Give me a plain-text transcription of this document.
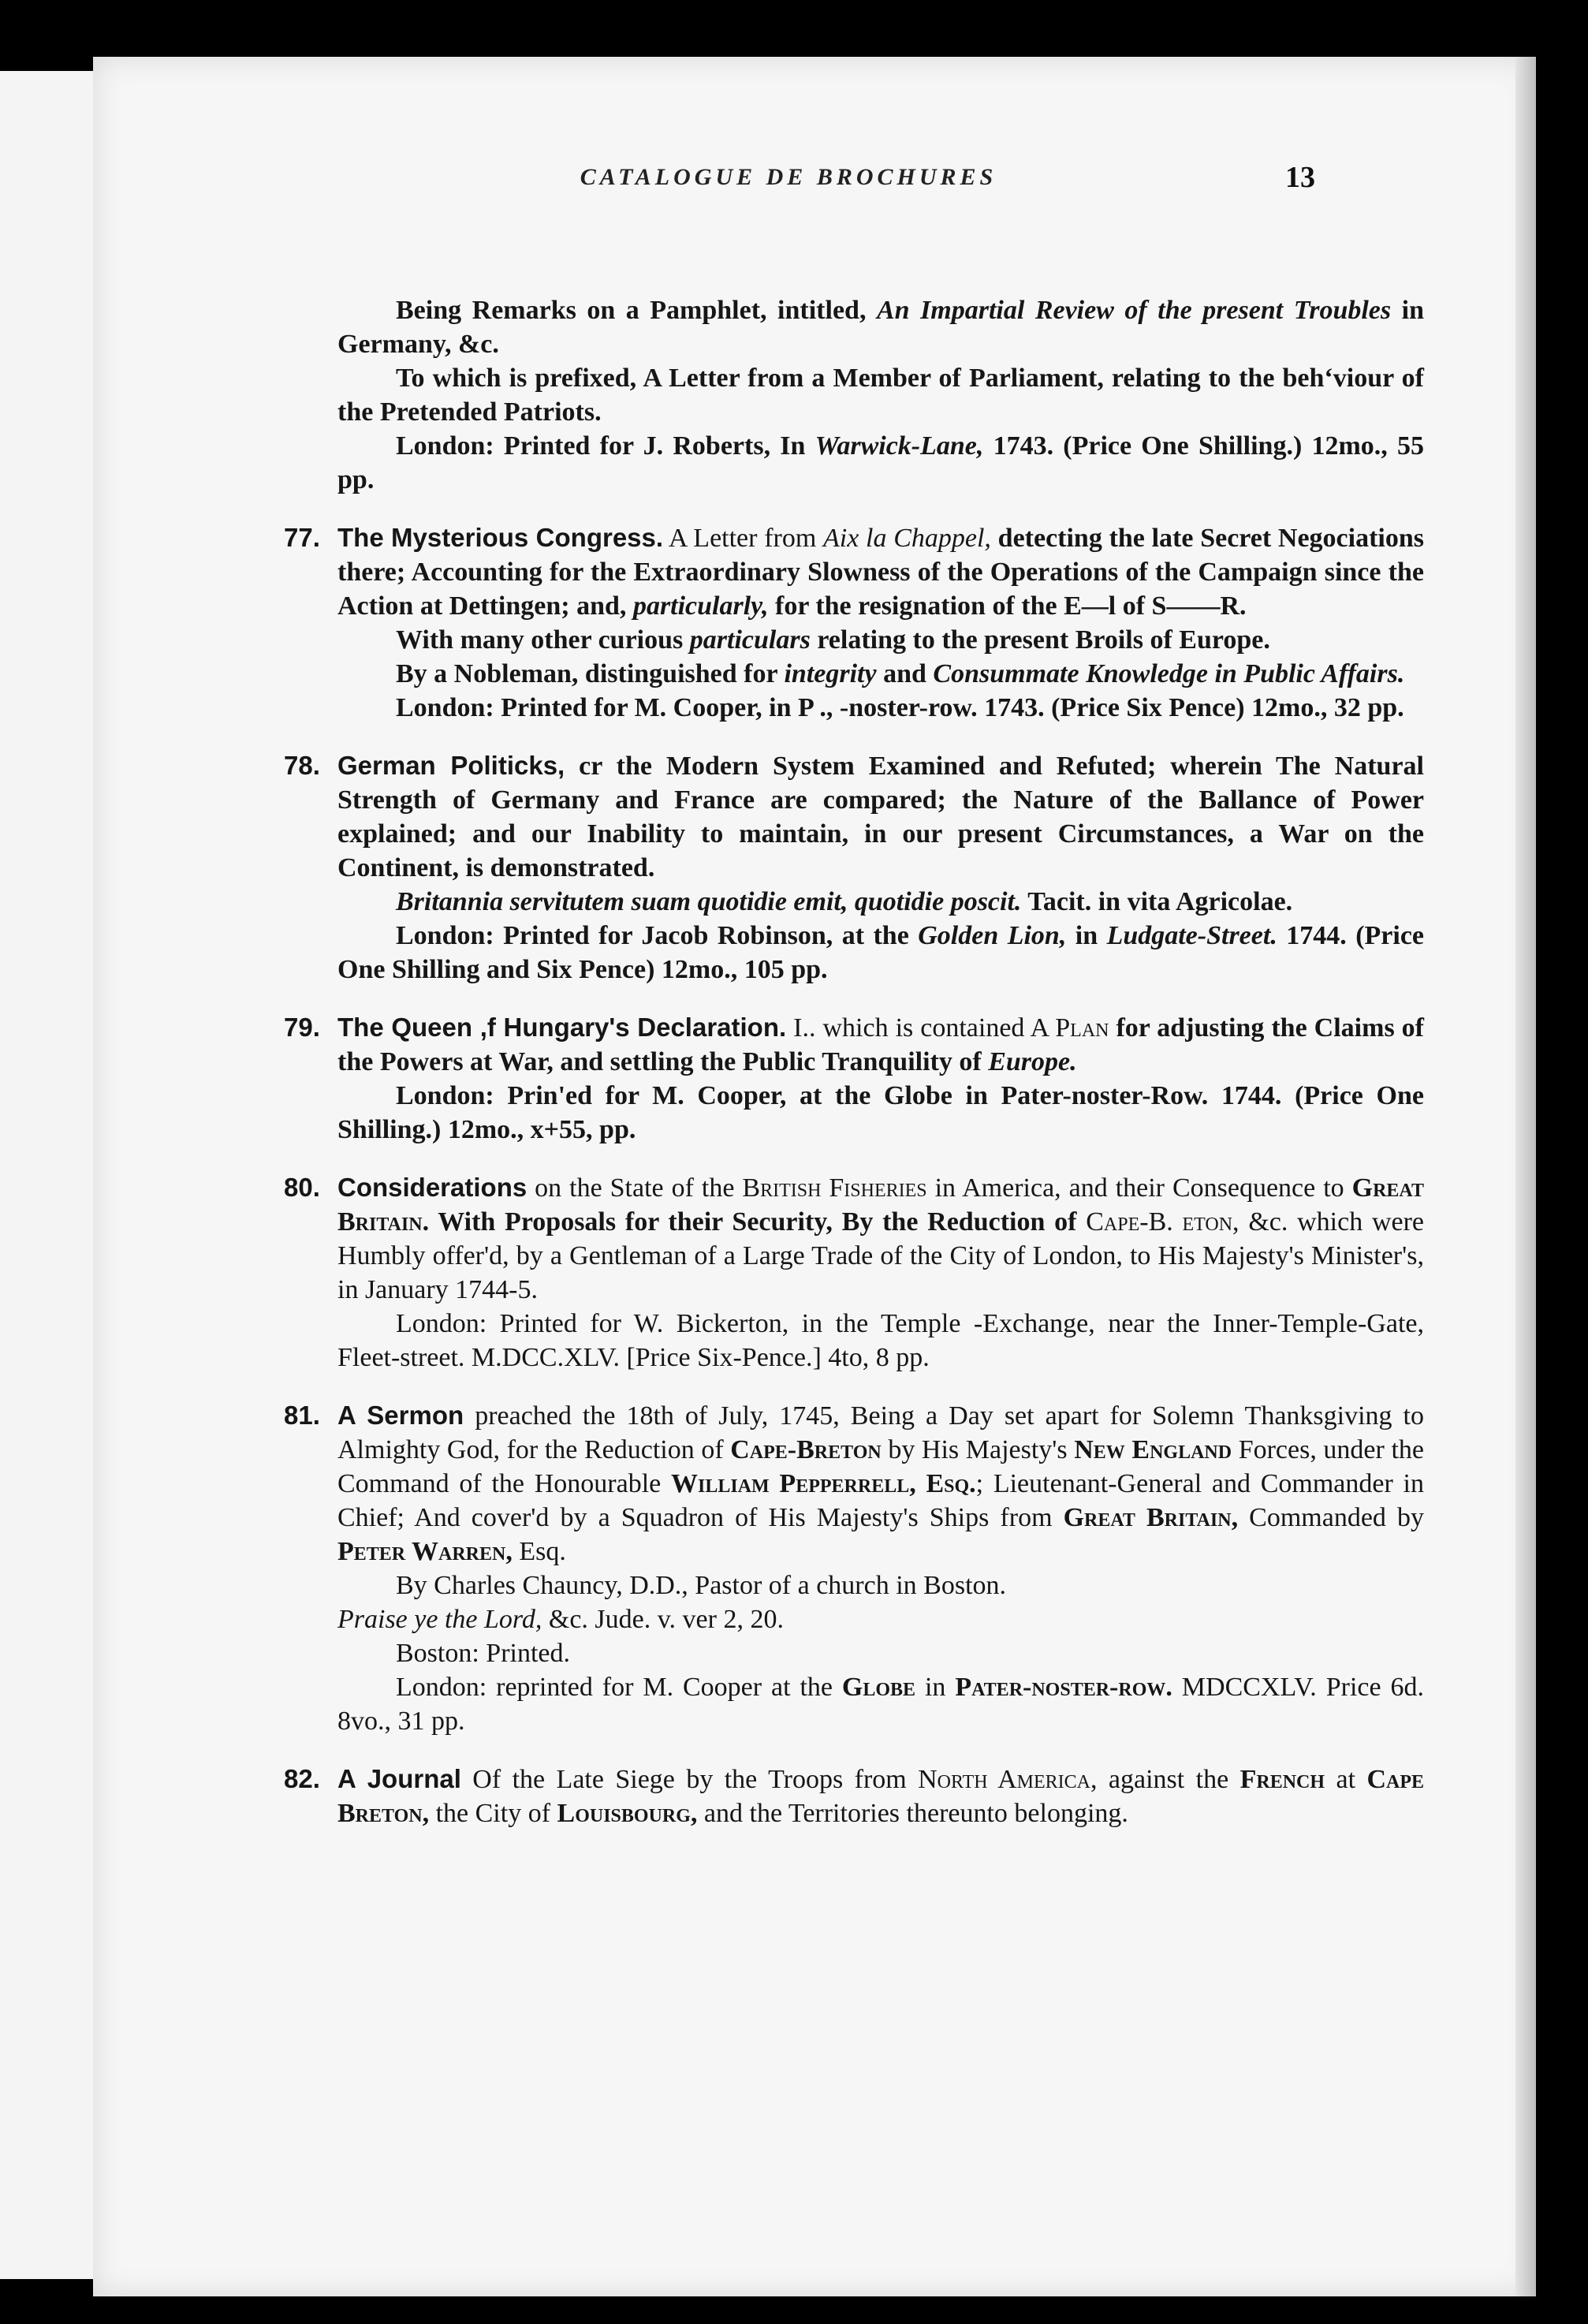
CATALOGUE DE BROCHURES	13

Being Remarks on a Pamphlet, intitled, An Impartial Review of the present Troubles in Germany, &c.

To which is prefixed, A Letter from a Member of Parliament, relating to the beh‘viour of the Pretended Patriots.

London: Printed for J. Roberts, In Warwick-Lane, 1743. (Price One Shilling.) 12mo., 55 pp.

77. The Mysterious Congress. A Letter from Aix la Chappel, detecting the late Secret Negociations there; Accounting for the Extraordinary Slowness of the Operations of the Campaign since the Action at Dettingen; and, particularly, for the resignation of the E—l of S——R.

With many other curious particulars relating to the present Broils of Europe.

By a Nobleman, distinguished for integrity and Consummate Knowledge in Public Affairs.

London: Printed for M. Cooper, in P ., -noster-row. 1743. (Price Six Pence) 12mo., 32 pp.

78. German Politicks, cr the Modern System Examined and Refuted; wherein The Natural Strength of Germany and France are compared; the Nature of the Ballance of Power explained; and our Inability to maintain, in our present Circumstances, a War on the Continent, is demonstrated.

Britannia servitutem suam quotidie emit, quotidie poscit. Tacit. in vita Agricolae.

London: Printed for Jacob Robinson, at the Golden Lion, in Ludgate-Street. 1744. (Price One Shilling and Six Pence) 12mo., 105 pp.

79. The Queen ,f Hungary's Declaration. I.. which is contained A Plan for adjusting the Claims of the Powers at War, and settling the Public Tranquility of Europe.

London: Prin'ed for M. Cooper, at the Globe in Pater-noster-Row. 1744. (Price One Shilling.) 12mo., x+55, pp.

80. Considerations on the State of the British Fisheries in America, and their Consequence to Great Britain. With Proposals for their Security, By the Reduction of Cape-B. eton, &c. which were Humbly offer'd, by a Gentleman of a Large Trade of the City of London, to His Majesty's Minister's, in January 1744-5.

London: Printed for W. Bickerton, in the Temple -Exchange, near the Inner-Temple-Gate, Fleet-street. M.DCC.XLV. [Price Six-Pence.] 4to, 8 pp.

81. A Sermon preached the 18th of July, 1745, Being a Day set apart for Solemn Thanksgiving to Almighty God, for the Reduction of Cape-Breton by His Majesty's New England Forces, under the Command of the Honourable William Pepperrell, Esq.; Lieutenant-General and Commander in Chief; And cover'd by a Squadron of His Majesty's Ships from Great Britain, Commanded by Peter Warren, Esq.

By Charles Chauncy, D.D., Pastor of a church in Boston.

Praise ye the Lord, &c. Jude. v. ver 2, 20.

Boston: Printed.

London: reprinted for M. Cooper at the Globe in Pater-noster-row. MDCCXLV. Price 6d. 8vo., 31 pp.

82. A Journal Of the Late Siege by the Troops from North America, against the French at Cape Breton, the City of Louisbourg, and the Territories thereunto belonging.
